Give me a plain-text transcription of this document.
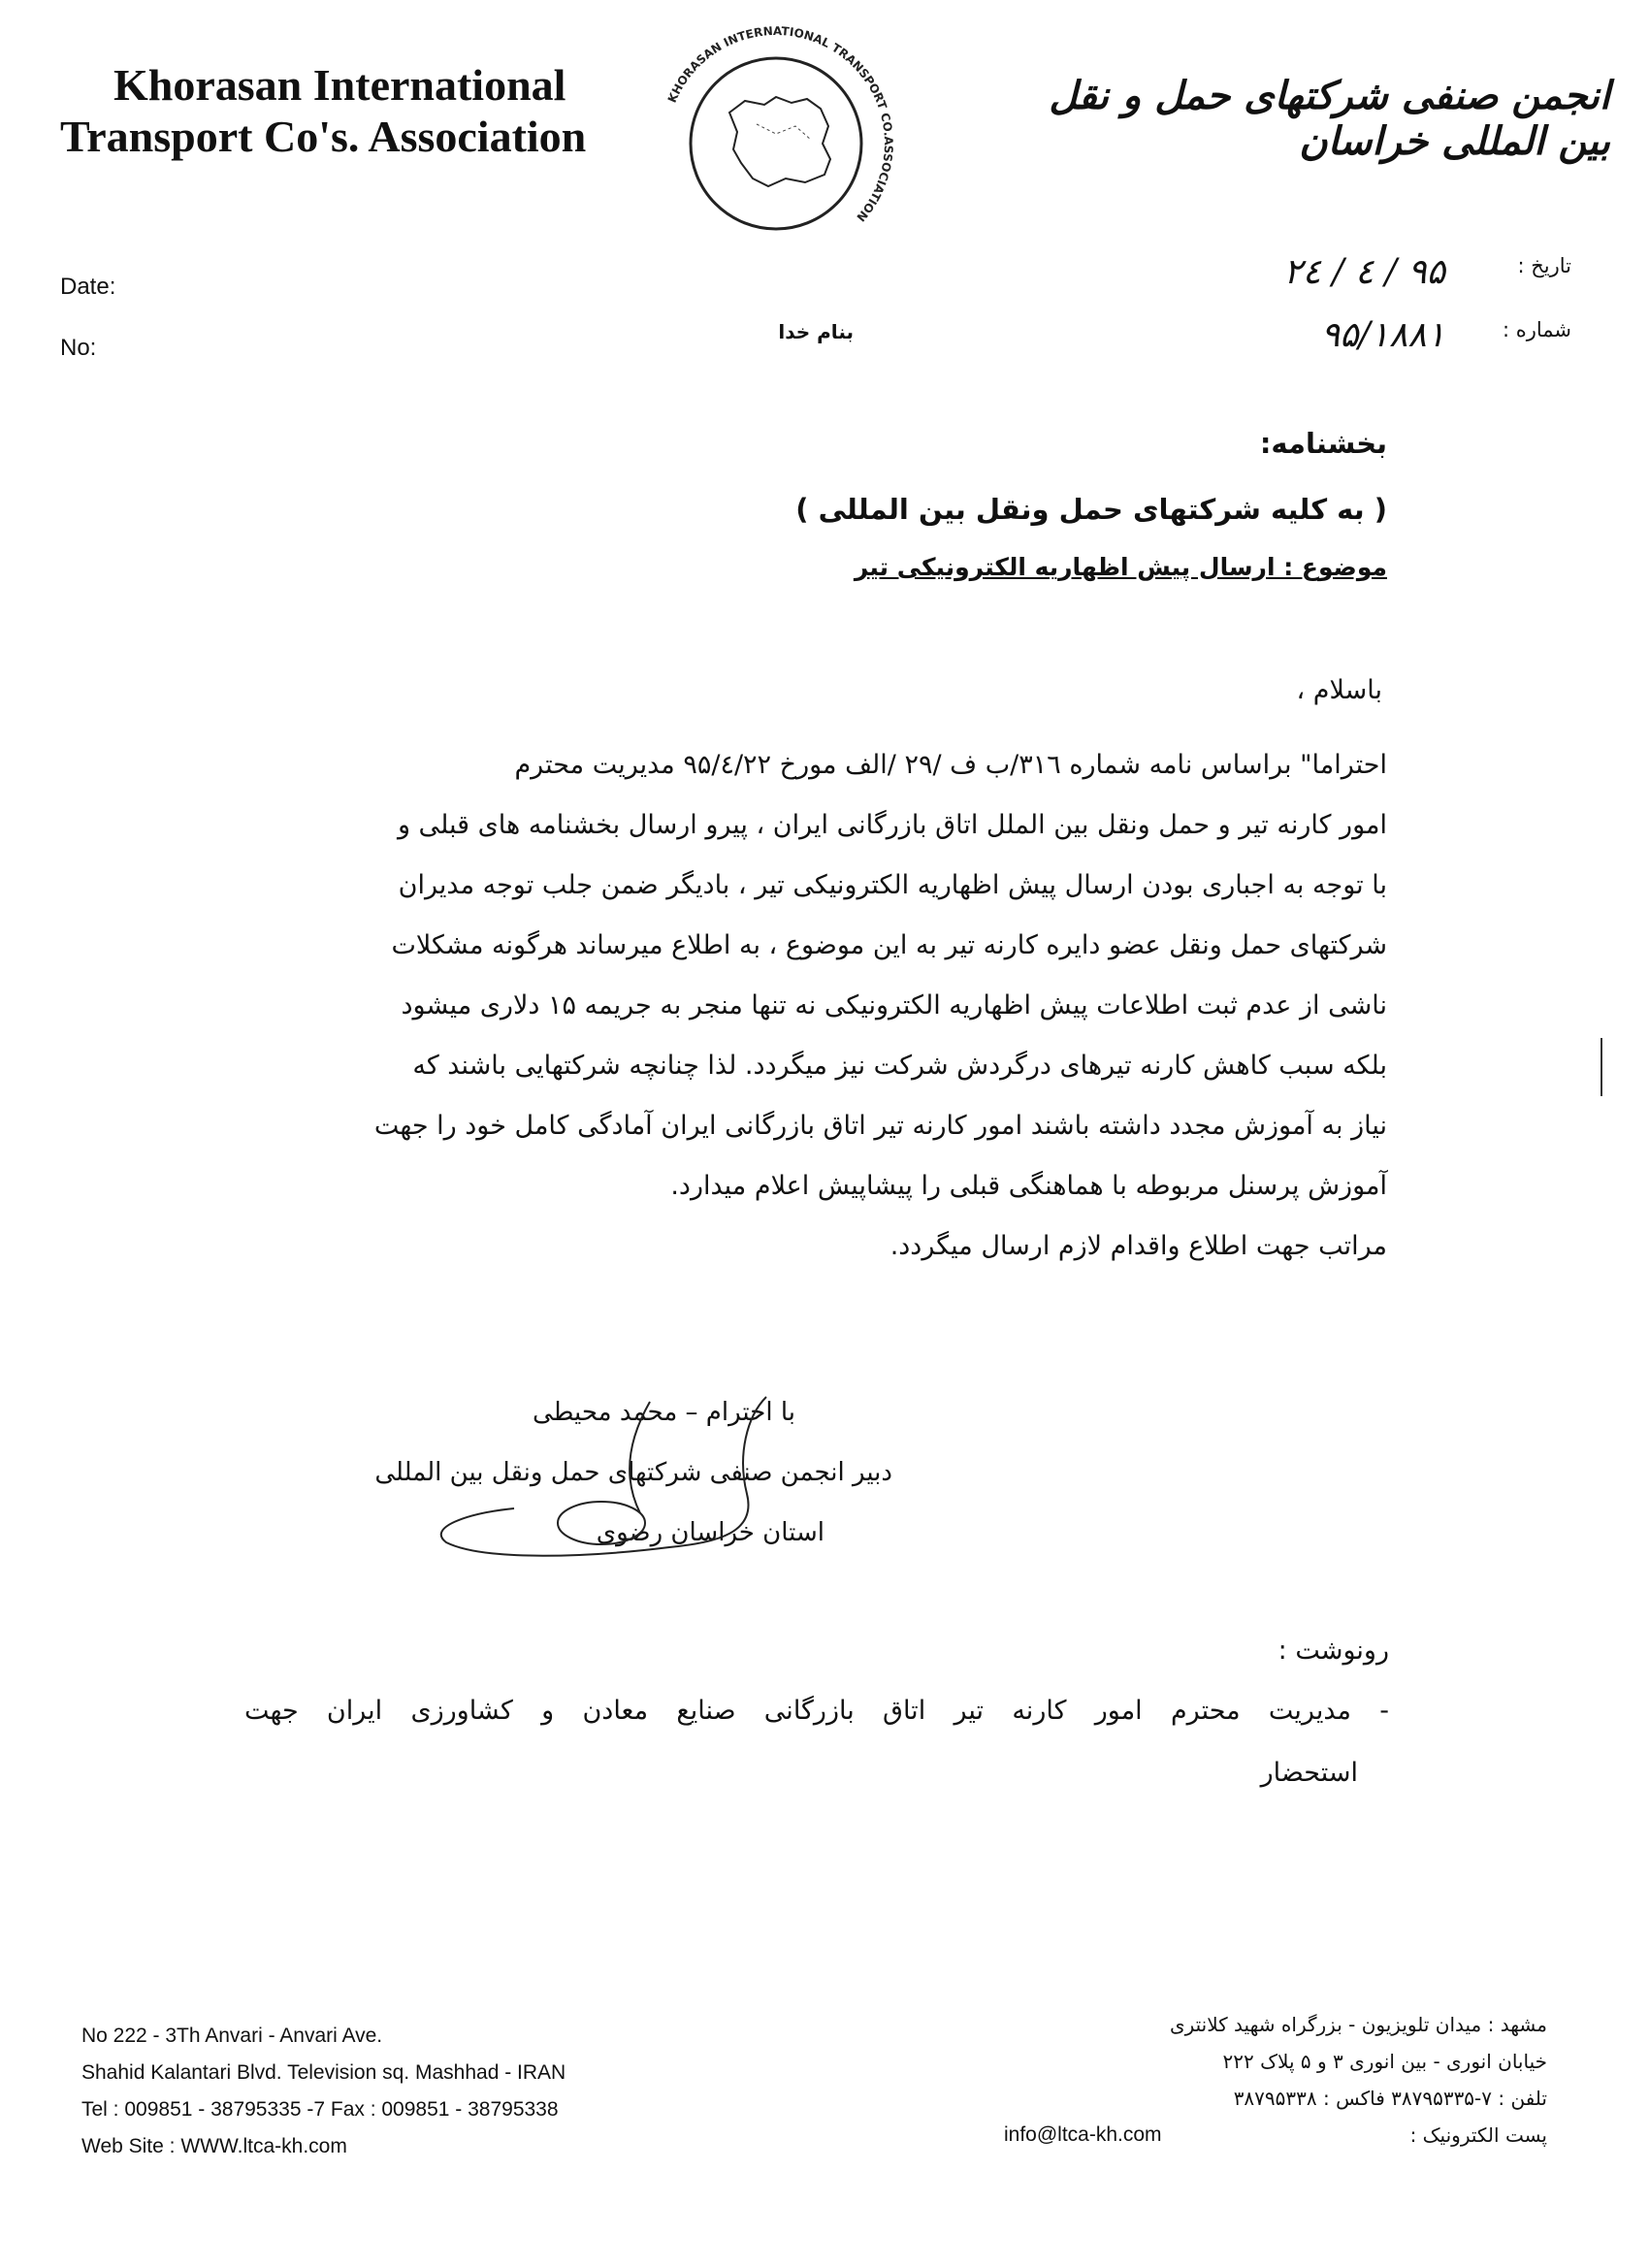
Khorasan International
Transport Co's. Association
KHORASAN INTERNATIONAL TRANSPORT CO.ASSOCIATION
انجمن صنفی شرکتهای حمل و نقل بین المللی خراسان
Date:
No:
بنام خدا
تاریخ :
شماره :
۹۵ / ٤ / ۲٤
۹۵/۱۸۸۱
بخشنامه:
( به کلیه شرکتهای حمل ونقل بین المللی )
موضوع : ارسال پیش اظهاریه الکترونیکی تیر
باسلام ،
احتراما" براساس نامه شماره ۳۱٦/ب ف /۲۹ /الف مورخ ۹۵/٤/۲۲ مدیریت محترم
امور کارنه تیر و حمل ونقل بین الملل اتاق بازرگانی ایران ، پیرو ارسال بخشنامه های قبلی و
با توجه به اجباری بودن ارسال پیش اظهاریه الکترونیکی تیر ، بادیگر ضمن جلب توجه مدیران
شرکتهای حمل ونقل عضو دایره کارنه تیر به این موضوع ، به اطلاع میرساند هرگونه مشکلات
ناشی از عدم ثبت اطلاعات پیش اظهاریه الکترونیکی نه تنها منجر به جریمه ۱۵ دلاری میشود
بلکه سبب کاهش کارنه تیرهای درگردش شرکت نیز میگردد. لذا چنانچه شرکتهایی باشند که
نیاز به آموزش مجدد داشته باشند امور کارنه تیر اتاق بازرگانی ایران آمادگی کامل خود را جهت
آموزش پرسنل مربوطه با هماهنگی قبلی را پیشاپیش اعلام میدارد.
مراتب جهت اطلاع واقدام لازم ارسال میگردد.
با احترام – محمد محیطی
دبیر انجمن صنفی شرکتهای حمل ونقل بین المللی
استان خراسان رضوی
رونوشت :
- مدیریت محترم امور کارنه تیر اتاق بازرگانی صنایع معادن و کشاورزی ایران جهت
استحضار
No 222 - 3Th Anvari - Anvari Ave.
Shahid Kalantari Blvd. Television sq. Mashhad - IRAN
Tel : 009851 - 38795335 -7 Fax : 009851 - 38795338
Web Site : WWW.ltca-kh.com
مشهد : میدان تلویزیون - بزرگراه شهید کلانتری
خیابان انوری - بین انوری ۳ و ۵ پلاک ۲۲۲
تلفن : ۷-۳۸۷۹۵۳۳۵ فاکس : ۳۸۷۹۵۳۳۸
پست الکترونیک :
info@ltca-kh.com
